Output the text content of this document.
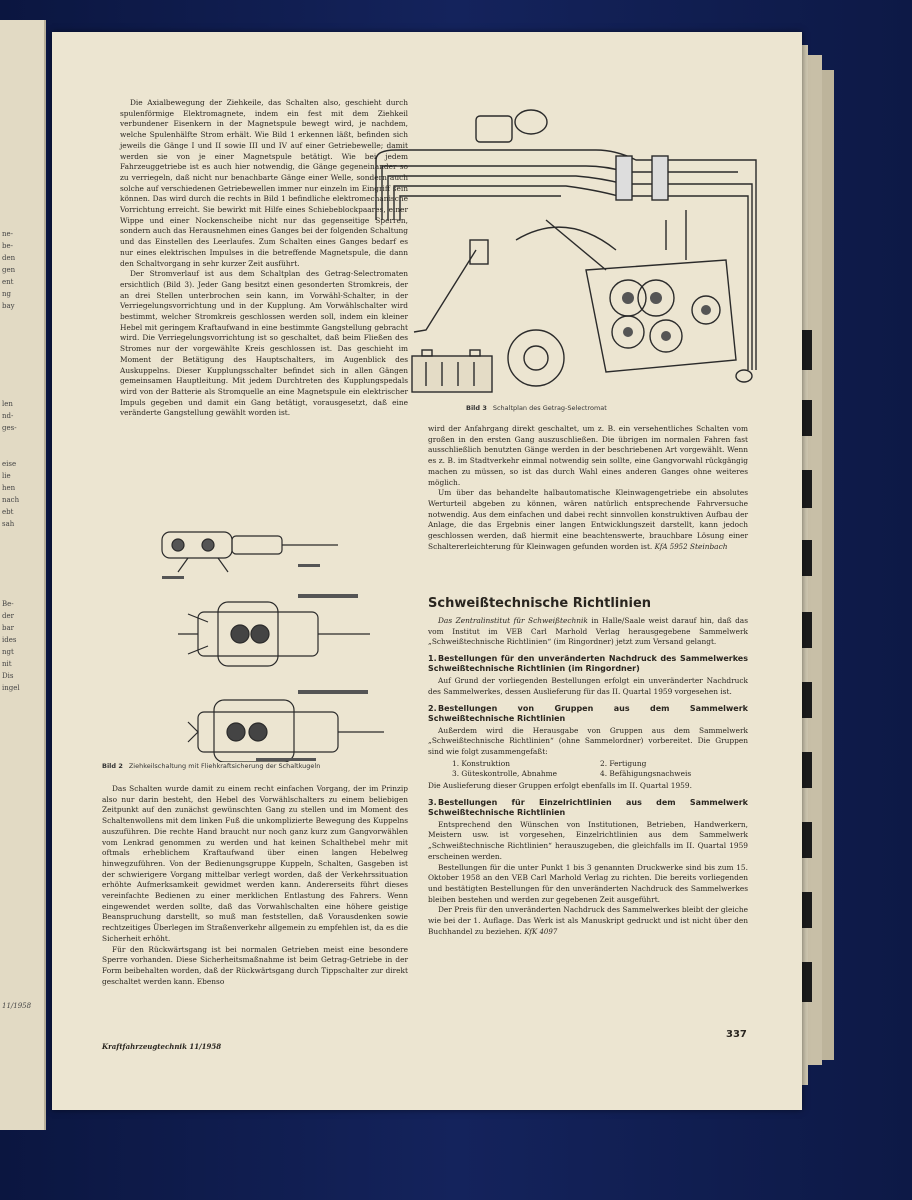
ne-
be-
den
gen
ent
ng
bay
len
nd-
ges-
eise
lie
hen
nach
ebt
sah
Be-
der
bar
ides
ngt
nit
Dis
ingel
11/1958

Die Axialbewegung der Ziehkeile, das Schalten also, geschieht durch spulenförmige Elektromagnete, indem ein fest mit dem Ziehkeil verbundener Eisenkern in der Magnetspule bewegt wird, je nachdem, welche Spulenhälfte Strom erhält. Wie Bild 1 erkennen läßt, befinden sich jeweils die Gänge I und II sowie III und IV auf einer Getriebewelle; damit werden sie von je einer Magnetspule betätigt. Wie bei jedem Fahrzeuggetriebe ist es auch hier notwendig, die Gänge gegeneinander so zu verriegeln, daß nicht nur benachbarte Gänge einer Welle, sondern auch solche auf verschiedenen Getriebewellen immer nur einzeln im Eingriff sein können. Das wird durch die rechts in Bild 1 befindliche elektromechanische Vorrichtung erreicht. Sie bewirkt mit Hilfe eines Schiebeblockpaares, einer Wippe und einer Nockenscheibe nicht nur das gegenseitige Sperren, sondern auch das Herausnehmen eines Ganges bei der folgenden Schaltung und das Einstellen des Leerlaufes. Zum Schalten eines Ganges bedarf es nur eines elektrischen Impulses in die betreffende Magnetspule, die dann den Schaltvorgang in sehr kurzer Zeit ausführt.

Der Stromverlauf ist aus dem Schaltplan des Getrag-Selectromaten ersichtlich (Bild 3). Jeder Gang besitzt einen gesonderten Stromkreis, der an drei Stellen unterbrochen sein kann, im Vorwähl-Schalter, in der Verriegelungsvorrichtung und in der Kupplung. Am Vorwählschalter wird bestimmt, welcher Stromkreis geschlossen werden soll, indem ein kleiner Hebel mit geringem Kraftaufwand in eine bestimmte Gangstellung gebracht wird. Die Verriegelungsvorrichtung ist so geschaltet, daß beim Fließen des Stromes nur der vorgewählte Kreis geschlossen ist. Das geschieht im Moment der Betätigung des Hauptschalters, im Augenblick des Auskuppelns. Dieser Kupplungsschalter befindet sich in allen Gängen gemeinsamen Hauptleitung. Mit jedem Durchtreten des Kupplungspedals wird von der Batterie als Stromquelle an eine Magnetspule ein elektrischer Impuls gegeben und damit ein Gang betätigt, vorausgesetzt, daß eine veränderte Gangstellung gewählt worden ist.

Bild 2 Ziehkeilschaltung mit Fliehkraftsicherung der Schaltkugeln

Das Schalten wurde damit zu einem recht einfachen Vorgang, der im Prinzip also nur darin besteht, den Hebel des Vorwählschalters zu einem beliebigen Zeitpunkt auf den zunächst gewünschten Gang zu stellen und im Moment des Schaltenwollens mit dem linken Fuß die unkomplizierte Bewegung des Kuppelns auszuführen. Die rechte Hand braucht nur noch ganz kurz zum Gangvorwählen vom Lenkrad genommen zu werden und hat keinen Schalthebel mehr mit oftmals erheblichem Kraftaufwand über einen langen Hebelweg hinwegzuführen. Von der Bedienungsgruppe Kuppeln, Schalten, Gasgeben ist der schwierigere Vorgang mittelbar verlegt worden, daß der Verkehrssituation erhöhte Aufmerksamkeit gewidmet werden kann. Andererseits führt dieses vereinfachte Bedienen zu einer merklichen Entlastung des Fahrers. Wenn eingewendet werden sollte, daß das Vorwahlschalten eine höhere geistige Beanspruchung darstellt, so muß man feststellen, daß Vorausdenken sowie rechtzeitiges Überlegen im Straßenverkehr allgemein zu empfehlen ist, da es die Sicherheit erhöht.

Für den Rückwärtsgang ist bei normalen Getrieben meist eine besondere Sperre vorhanden. Diese Sicherheitsmaßnahme ist beim Getrag-Getriebe in der Form beibehalten worden, daß der Rückwärtsgang durch Tippschalter zur direkt geschaltet werden kann. Ebenso

Bild 3 Schaltplan des Getrag-Selectromat

wird der Anfahrgang direkt geschaltet, um z. B. ein versehentliches Schalten vom großen in den ersten Gang auszuschließen. Die übrigen im normalen Fahren fast ausschließlich benutzten Gänge werden in der beschriebenen Art vorgewählt. Wenn es z. B. im Stadtverkehr einmal notwendig sein sollte, eine Gangvorwahl rückgängig machen zu müssen, so ist das durch Wahl eines anderen Ganges ohne weiteres möglich.

Um über das behandelte halbautomatische Kleinwagengetriebe ein absolutes Werturteil abgeben zu können, wären natürlich entsprechende Fahrversuche notwendig. Aus dem einfachen und dabei recht sinnvollen konstruktiven Aufbau der Anlage, die das Ergebnis einer langen Entwicklungszeit darstellt, kann jedoch geschlossen werden, daß hiermit eine beachtenswerte, brauchbare Lösung einer Schaltererleichterung für Kleinwagen gefunden worden ist. KfA 5952 Steinbach

Schweißtechnische Richtlinien

Das Zentralinstitut für Schweißtechnik in Halle/Saale weist darauf hin, daß das vom Institut im VEB Carl Marhold Verlag herausgegebene Sammelwerk „Schweißtechnische Richtlinien“ (im Ringordner) jetzt zum Versand gelangt.

1.Bestellungen für den unveränderten Nachdruck des Sammelwerkes Schweißtechnische Richtlinien (im Ringordner)

Auf Grund der vorliegenden Bestellungen erfolgt ein unveränderter Nachdruck des Sammelwerkes, dessen Auslieferung für das II. Quartal 1959 vorgesehen ist.

2.Bestellungen von Gruppen aus dem Sammelwerk Schweißtechnische Richtlinien

Außerdem wird die Herausgabe von Gruppen aus dem Sammelwerk „Schweißtechnische Richtlinien“ (ohne Sammelordner) vorbereitet. Die Gruppen sind wie folgt zusammengefaßt:

1. Konstruktion	2. Fertigung
3. Güteskontrolle, Abnahme	4. Befähigungsnachweis

Die Auslieferung dieser Gruppen erfolgt ebenfalls im II. Quartal 1959.

3.Bestellungen für Einzelrichtlinien aus dem Sammelwerk Schweißtechnische Richtlinien

Entsprechend den Wünschen von Institutionen, Betrieben, Handwerkern, Meistern usw. ist vorgesehen, Einzelrichtlinien aus dem Sammelwerk „Schweißtechnische Richtlinien“ herauszugeben, die gleichfalls im II. Quartal 1959 erscheinen werden.

Bestellungen für die unter Punkt 1 bis 3 genannten Druckwerke sind bis zum 15. Oktober 1958 an den VEB Carl Marhold Verlag zu richten. Die bereits vorliegenden und bestätigten Bestellungen für den unveränderten Nachdruck des Sammelwerkes bleiben bestehen und werden zur gegebenen Zeit ausgeführt.

Der Preis für den unveränderten Nachdruck des Sammelwerkes bleibt der gleiche wie bei der 1. Auflage. Das Werk ist als Manuskript gedruckt und ist nicht über den Buchhandel zu beziehen. KfK 4097

Kraftfahrzeugtechnik 11/1958
337
